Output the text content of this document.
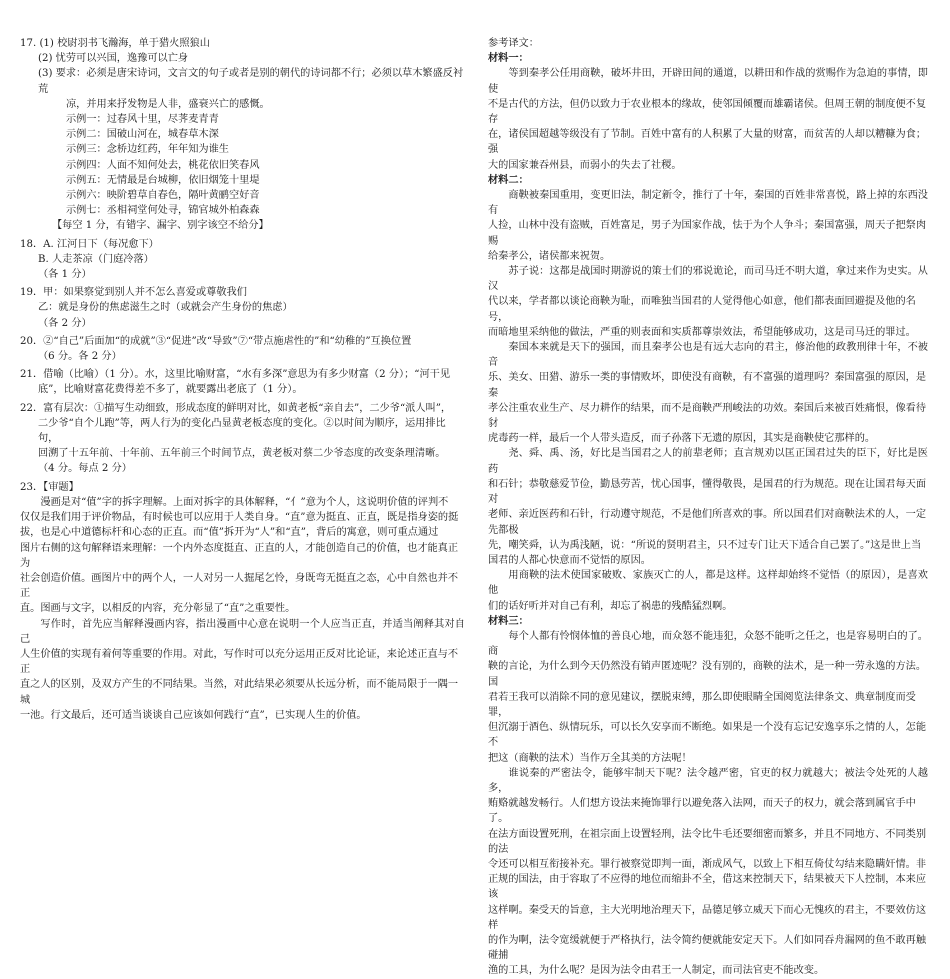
17. (1) 校尉羽书飞瀚海，单于猎火照狼山

(2) 忧劳可以兴国，逸豫可以亡身

(3) 要求：必须是唐宋诗词，文言文的句子或者是别的朝代的诗词都不行；必须以草木繁盛反衬荒

凉，并用来抒发物是人非，盛衰兴亡的感慨。

示例一：过春风十里，尽荠麦青青

示例二：国破山河在，城春草木深

示例三：念桥边红药，年年知为谁生

示例四：人面不知何处去，桃花依旧笑春风

示例五：无情最是台城柳，依旧烟笼十里堤

示例六：映阶碧草自春色，隔叶黄鹂空好音

示例七：丞相祠堂何处寻，锦官城外柏森森

【每空 1 分，有错字、漏字、别字该空不给分】

18．A. 江河日下（每况愈下）

B. 人走茶凉（门庭冷落）

（各 1 分）

19．甲：如果察觉到别人并不怎么喜爱或尊敬我们

乙：就是身份的焦虑滋生之时（或就会产生身份的焦虑）

（各 2 分）

20．②“自己”后面加“的成就”③“促进”改“导致”⑦“带点施虐性的”和“幼稚的”互换位置

（6 分。各 2 分）

21．借喻（比喻）（1 分）。水，这里比喻财富，“水有多深”意思为有多少财富（2 分）；“河干见

底”，比喻财富花费得差不多了，就要露出老底了（1 分）。

22．富有层次：①描写生动细致，形成态度的鲜明对比，如黄老板“亲自去”，二少爷“派人叫”，

二少爷“自个儿跑”等，两人行为的变化凸显黄老板态度的变化。②以时间为顺序，运用排比句，

回溯了十五年前、十年前、五年前三个时间节点，黄老板对蔡二少爷态度的改变条理清晰。

（4 分。每点 2 分）

23．【审题】

漫画是对“值”字的拆字理解。上面对拆字的具体解释，“亻”意为个人，这说明价值的评判不

仅仅是我们用于评价物品，有时候也可以应用于人类自身。“直”意为挺直、正直，既是指身姿的挺

拔，也是心中道德标杆和心态的正直。而“值”拆开为“人”和“直”，背后的寓意，则可重点通过

图片右侧的这句解释语来理解：一个内外态度挺直、正直的人，才能创造自己的价值，也才能真正为

社会创造价值。画图片中的两个人，一人对另一人掘尾乞怜，身既弯无挺直之态，心中自然也并不正

直。图画与文字，以相反的内容，充分彰显了“直”之重要性。

写作时，首先应当解释漫画内容，指出漫画中心意在说明一个人应当正直，并适当阐释其对自己

人生价值的实现有着何等重要的作用。对此，写作时可以充分运用正反对比论证，来论述正直与不正

直之人的区别，及双方产生的不同结果。当然，对此结果必须要从长远分析，而不能局限于一隅一城

一池。行文最后，还可适当谈谈自己应该如何践行“直”，已实现人生的价值。

参考译文：

材料一：

等到秦孝公任用商鞅，破坏井田，开辟田间的通道，以耕田和作战的赏赐作为急迫的事情，即使

不是古代的方法，但仍以致力于农业根本的缘故，使邻国倾覆而雄霸诸侯。但周王朝的制度便不复存

在，诸侯国超越等级没有了节制。百姓中富有的人积累了大量的财富，而贫苦的人却以糟糠为食；强

大的国家兼吞州县，而弱小的失去了社稷。

材料二：

商鞅被秦国重用，变更旧法，制定新令，推行了十年，秦国的百姓非常喜悦，路上掉的东西没有

人捡，山林中没有盗贼，百姓富足，男子为国家作战，怯于为个人争斗；秦国富强，周天子把祭肉赐

给秦孝公，诸侯都来祝贺。

苏子说：这都是战国时期游说的策士们的邪说诡论，而司马迁不明大道，拿过来作为史实。从汉

代以来，学者都以谈论商鞅为耻，而唯独当国君的人觉得他心如意，他们都表面回避提及他的名号，

而暗地里采纳他的做法，严重的则表面和实质都尊崇效法，希望能够成功，这是司马迁的罪过。

秦国本来就是天下的强国，而且秦孝公也是有远大志向的君主，修治他的政教刑律十年，不被音

乐、美女、田猎、游乐一类的事情败坏，即使没有商鞅，有不富强的道理吗？秦国富强的原因，是秦

孝公注重农业生产、尽力耕作的结果，而不是商鞅严刑峻法的功效。秦国后来被百姓痛恨，像看待豺

虎毒药一样，最后一个人带头造反，而子孙落下无遗的原因，其实是商鞅使它那样的。

尧、舜、禹、汤，好比是当国君之人的前辈老师；直言规劝以匡正国君过失的臣下，好比是医药

和石针；恭敬慈爱节俭，勤恳劳苦，忧心国事，懂得敬畏，是国君的行为规范。现在让国君每天面对

老师、亲近医药和石针，行动遵守规范，不是他们所喜欢的事。所以国君们对商鞅法术的人，一定先都极

先，嘲笑舜，认为禹浅陋，说：“所说的贤明君主，只不过专门让天下适合自己罢了。”这是世上当

国君的人都心快意而不觉悟的原因。

用商鞅的法术使国家破败、家族灭亡的人，都是这样。这样却始终不觉悟（的原因），是喜欢他

们的话好听并对自己有利，却忘了祸患的残酷猛烈啊。

材料三：

每个人都有怜悯体恤的善良心地，而众怒不能违犯，众怒不能听之任之，也是容易明白的了。商

鞅的言论，为什么到今天仍然没有销声匿迹呢？没有别的，商鞅的法术，是一种一劳永逸的方法。国

君若王我可以消除不同的意见建议，摆脱束缚，那么即使眼睛全国阅览法律条文、典章制度而受罪，

但沉溺于酒色、纵情玩乐，可以长久安享而不断绝。如果是一个没有忘记安逸享乐之情的人，怎能不

把这（商鞅的法术）当作万全其美的方法呢！

谁说秦的严密法令，能够牢制天下呢？法令越严密，官吏的权力就越大；被法令处死的人越多，

贿赂就越发畅行。人们想方设法来掩饰罪行以避免落入法网，而天子的权力，就会落到属官手中了。

在法方面设置死刑，在祖宗面上设置轻刑，法令比牛毛还要细密而繁多，并且不同地方、不同类别的法

令还可以相互衔接补充。罪行被察觉即判一面，渐成风气，以致上下相互倚仗勾结来隐瞒奸情。非

正规的国法，由于容取了不应得的地位而缩卦不全，借这来控制天下，结果被天下人控制，本来应该

这样啊。秦受天的旨意，主大光明地治理天下，品德足够立威天下而心无愧疚的君主，不要效仿这样

的作为啊，法令宽缓就便于严格执行，法令简约便就能安定天下。人们如同吞舟漏网的鱼不敢再触碰捕

渔的工具，为什么呢？是因为法令由君王一人制定，而司法官吏不能改变。
